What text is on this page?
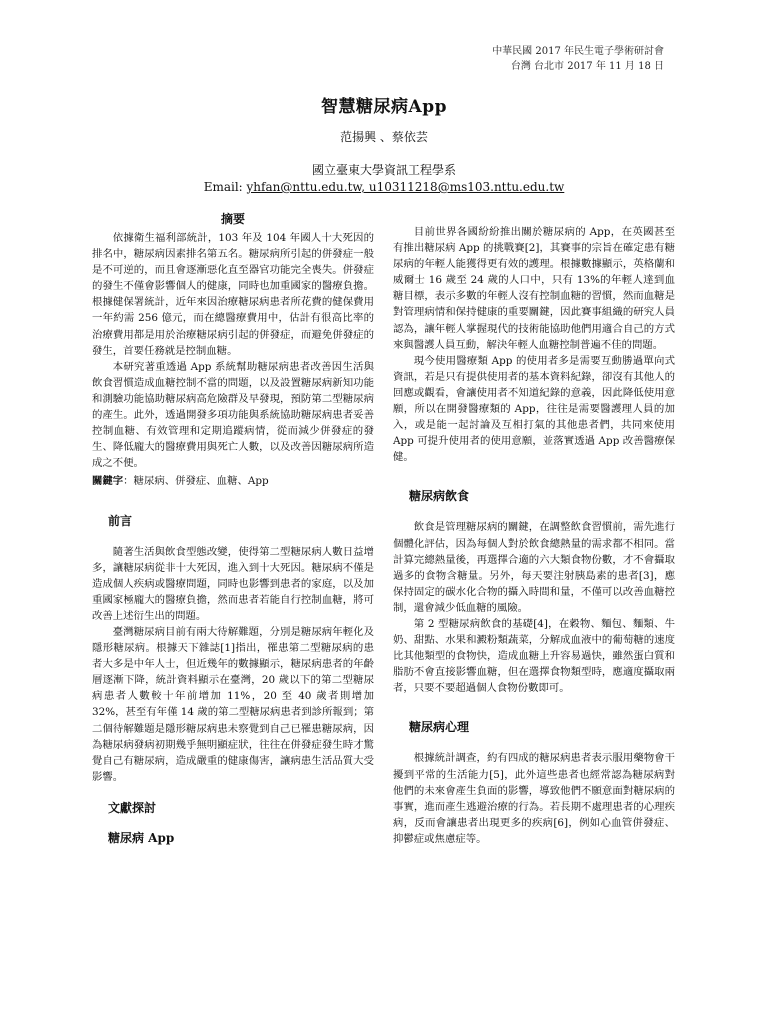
中華民國 2017 年民生電子學術研討會
台灣 台北市 2017 年 11 月 18 日
智慧糖尿病App
范揚興 、蔡依芸
國立臺東大學資訊工程學系
Email: yhfan@nttu.edu.tw, u10311218@ms103.nttu.edu.tw
摘要

依據衛生福利部統計，103 年及 104 年國人十大死因的排名中，糖尿病因素排名第五名。糖尿病所引起的併發症一般是不可逆的，而且會逐漸惡化直至器官功能完全喪失。併發症的發生不僅會影響個人的健康，同時也加重國家的醫療負擔。根據健保署統計，近年來因治療糖尿病患者所花費的健保費用一年約需 256 億元，而在總醫療費用中，估計有很高比率的治療費用都是用於治療糖尿病引起的併發症，而避免併發症的發生，首要任務就是控制血糖。

本研究著重透過 App 系統幫助糖尿病患者改善因生活與飲食習慣造成血糖控制不當的問題，以及設置糖尿病新知功能和測驗功能協助糖尿病高危險群及早發現，預防第二型糖尿病的產生。此外，透過開發多項功能與系統協助糖尿病患者妥善控制血糖、有效管理和定期追蹤病情，從而減少併發症的發生、降低龐大的醫療費用與死亡人數，以及改善因糖尿病所造成之不便。

關鍵字：糖尿病、併發症、血糖、App
前言

隨著生活與飲食型態改變，使得第二型糖尿病人數日益增多，讓糖尿病從非十大死因，進入到十大死因。糖尿病不僅是造成個人疾病或醫療問題，同時也影響到患者的家庭，以及加重國家極龐大的醫療負擔，然而患者若能自行控制血糖，將可改善上述衍生出的問題。

臺灣糖尿病目前有兩大待解難題，分別是糖尿病年輕化及隱形糖尿病。根據天下雜誌[1]指出，罹患第二型糖尿病的患者大多是中年人士，但近幾年的數據顯示，糖尿病患者的年齡層逐漸下降，統計資料顯示在臺灣，20 歲以下的第二型糖尿病患者人數較十年前增加 11%，20 至 40 歲者則增加 32%，甚至有年僅 14 歲的第二型糖尿病患者到診所報到；第二個待解難題是隱形糖尿病患未察覺到自己已罹患糖尿病，因為糖尿病發病初期幾乎無明顯症狀，往往在併發症發生時才驚覺自己有糖尿病，造成嚴重的健康傷害，讓病患生活品質大受影響。

文獻探討
糖尿病 App

目前世界各國紛紛推出關於糖尿病的 App，在英國甚至有推出糖尿病 App 的挑戰賽[2]，其賽事的宗旨在確定患有糖尿病的年輕人能獲得更有效的護理。根據數據顯示，英格蘭和威爾士 16 歲至 24 歲的人口中，只有 13%的年輕人達到血糖目標，表示多數的年輕人沒有控制血糖的習慣，然而血糖是對管理病情和保持健康的重要關鍵，因此賽事組織的研究人員認為，讓年輕人掌握現代的技術能協助他們用適合自己的方式來與醫護人員互動，解決年輕人血糖控制普遍不佳的問題。

現今使用醫療類 App 的使用者多是需要互動勝過單向式資訊，若是只有提供使用者的基本資料紀錄，卻沒有其他人的回應或觀看，會讓使用者不知道紀錄的意義，因此降低使用意願，所以在開發醫療類的 App，往往是需要醫護理人員的加入，或是能一起討論及互相打氣的其他患者們，共同來使用 App 可提升使用者的使用意願，並落實透過 App 改善醫療保健。

糖尿病飲食

飲食是管理糖尿病的關鍵，在調整飲食習慣前，需先進行個體化評估，因為每個人對於飲食總熱量的需求都不相同。當計算完總熱量後，再選擇合適的六大類食物份數，才不會攝取過多的食物含糖量。另外，每天要注射胰島素的患者[3]，應保持固定的碳水化合物的攝入時間和量，不僅可以改善血糖控制，還會減少低血糖的風險。

第 2 型糖尿病飲食的基礎[4]，在穀物、麵包、麵類、牛奶、甜點、水果和澱粉類蔬菜，分解成血液中的葡萄糖的速度比其他類型的食物快，造成血糖上升容易過快，雖然蛋白質和脂肪不會直接影響血糖，但在選擇食物類型時，應適度攝取兩者，只要不要超過個人食物份數即可。

糖尿病心理

根據統計調查，約有四成的糖尿病患者表示服用藥物會干擾到平常的生活能力[5]，此外這些患者也經常認為糖尿病對他們的未來會產生負面的影響，導致他們不願意面對糖尿病的事實，進而產生逃避治療的行為。若長期不處理患者的心理疾病，反而會讓患者出現更多的疾病[6]，例如心血管併發症、抑鬱症或焦慮症等。
